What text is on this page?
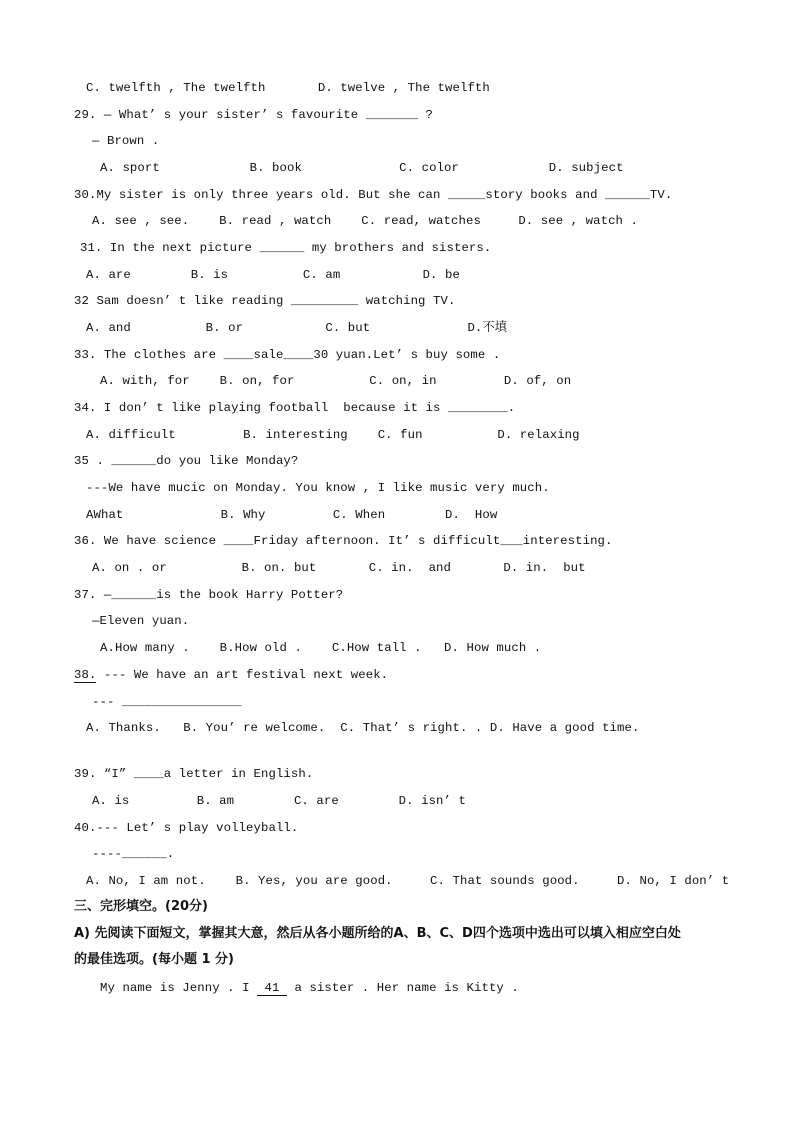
C. twelfth , The twelfth       D. twelve , The twelfth
29. — What’ s your sister’ s favourite _______ ?
— Brown .
A. sport            B. book             C. color            D. subject
30.My sister is only three years old. But she can _____story books and ______TV.
A. see , see.    B. read , watch    C. read, watches     D. see , watch .
31. In the next picture ______ my brothers and sisters.
A. are        B. is          C. am           D. be
32 Sam doesn’ t like reading _________ watching TV.
A. and          B. or           C. but             D.不填
33. The clothes are ____sale____30 yuan.Let’ s buy some .
A. with, for    B. on, for          C. on, in         D. of, on
34. I don’ t like playing football  because it is ________.
A. difficult         B. interesting    C. fun          D. relaxing
35 . ______do you like Monday?
---We have mucic on Monday. You know , I like music very much.
AWhat             B. Why         C. When        D.  How
36. We have science ____Friday afternoon. It’ s difficult___interesting.
A. on . or          B. on. but       C. in.  and       D. in.  but
37. —______is the book Harry Potter?
—Eleven yuan.
A.How many .    B.How old .    C.How tall .   D. How much .
38. --- We have an art festival next week.
--- ________________
A. Thanks.   B. You’ re welcome.  C. That’ s right. . D. Have a good time.
39. “I” ____a letter in English.
A. is         B. am        C. are        D. isn’ t
40.--- Let’ s play volleyball.
----______.
A. No, I am not.    B. Yes, you are good.     C. That sounds good.     D. No, I don’ t
三、完形填空。(20分)
A) 先阅读下面短文，掌握其大意，然后从各小题所给的A、B、C、D四个选项中选出可以填入相应空白处
的最佳选项。(每小题 1 分)
My name is Jenny . I  41  a sister . Her name is Kitty .
